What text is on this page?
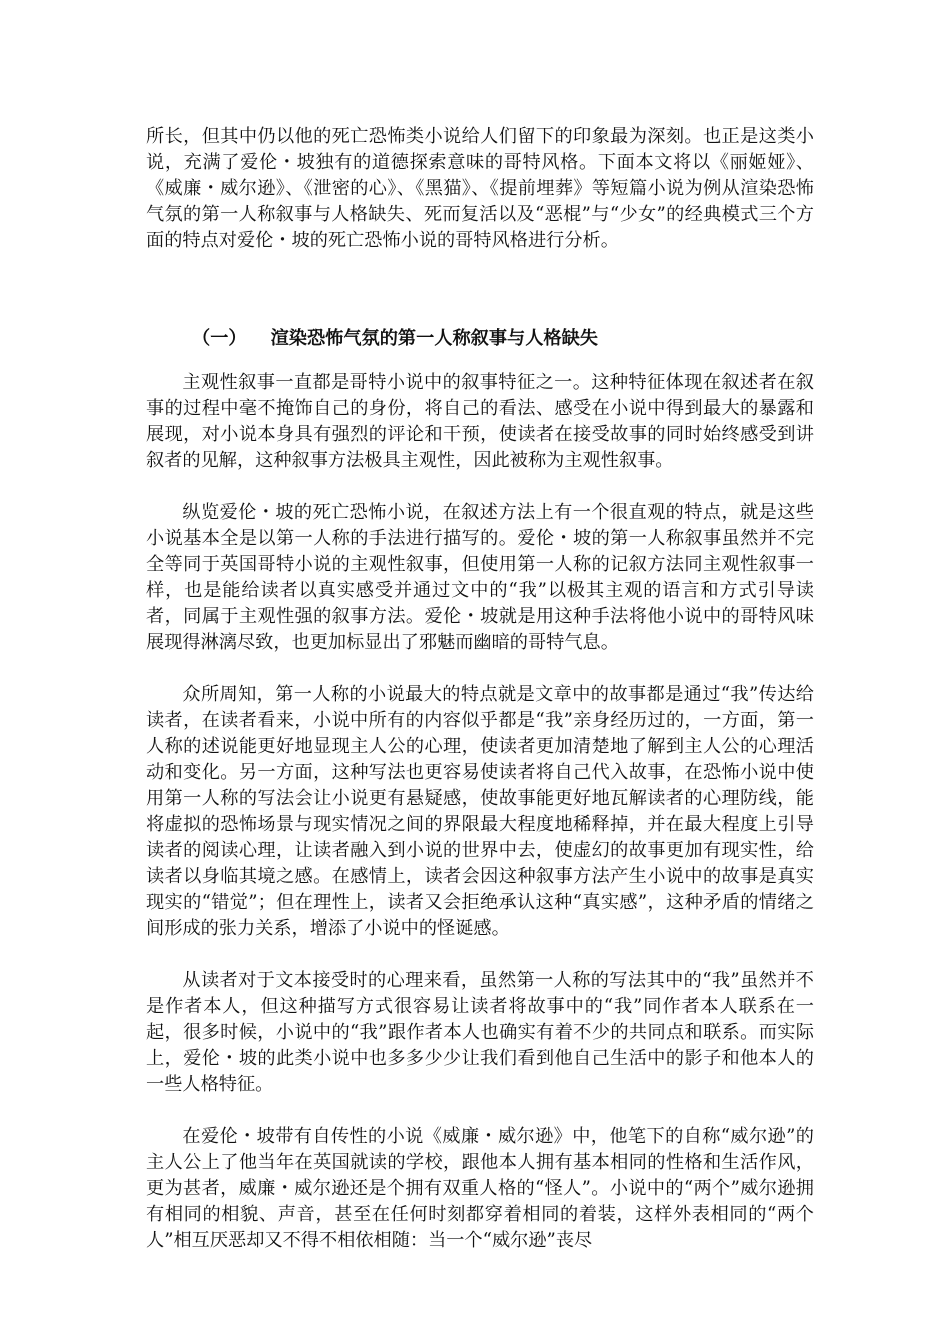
所长，但其中仍以他的死亡恐怖类小说给人们留下的印象最为深刻。也正是这类小说，充满了爱伦・坡独有的道德探索意味的哥特风格。下面本文将以《丽姬娅》、《威廉・威尔逊》、《泄密的心》、《黑猫》、《提前埋葬》等短篇小说为例从渲染恐怖气氛的第一人称叙事与人格缺失、死而复活以及“恶棍”与“少女”的经典模式三个方面的特点对爱伦・坡的死亡恐怖小说的哥特风格进行分析。

（一） 渲染恐怖气氛的第一人称叙事与人格缺失

主观性叙事一直都是哥特小说中的叙事特征之一。这种特征体现在叙述者在叙事的过程中毫不掩饰自己的身份，将自己的看法、感受在小说中得到最大的暴露和展现，对小说本身具有强烈的评论和干预，使读者在接受故事的同时始终感受到讲叙者的见解，这种叙事方法极具主观性，因此被称为主观性叙事。

纵览爱伦・坡的死亡恐怖小说，在叙述方法上有一个很直观的特点，就是这些小说基本全是以第一人称的手法进行描写的。爱伦・坡的第一人称叙事虽然并不完全等同于英国哥特小说的主观性叙事，但使用第一人称的记叙方法同主观性叙事一样，也是能给读者以真实感受并通过文中的“我”以极其主观的语言和方式引导读者，同属于主观性强的叙事方法。爱伦・坡就是用这种手法将他小说中的哥特风味展现得淋漓尽致，也更加标显出了邪魅而幽暗的哥特气息。

众所周知，第一人称的小说最大的特点就是文章中的故事都是通过“我”传达给读者，在读者看来，小说中所有的内容似乎都是“我”亲身经历过的，一方面，第一人称的述说能更好地显现主人公的心理，使读者更加清楚地了解到主人公的心理活动和变化。另一方面，这种写法也更容易使读者将自己代入故事，在恐怖小说中使用第一人称的写法会让小说更有悬疑感，使故事能更好地瓦解读者的心理防线，能将虚拟的恐怖场景与现实情况之间的界限最大程度地稀释掉，并在最大程度上引导读者的阅读心理，让读者融入到小说的世界中去，使虚幻的故事更加有现实性，给读者以身临其境之感。在感情上，读者会因这种叙事方法产生小说中的故事是真实现实的“错觉”；但在理性上，读者又会拒绝承认这种“真实感”，这种矛盾的情绪之间形成的张力关系，增添了小说中的怪诞感。

从读者对于文本接受时的心理来看，虽然第一人称的写法其中的“我”虽然并不是作者本人，但这种描写方式很容易让读者将故事中的“我”同作者本人联系在一起，很多时候，小说中的“我”跟作者本人也确实有着不少的共同点和联系。而实际上，爱伦・坡的此类小说中也多多少少让我们看到他自己生活中的影子和他本人的一些人格特征。

在爱伦・坡带有自传性的小说《威廉・威尔逊》中，他笔下的自称“威尔逊”的主人公上了他当年在英国就读的学校，跟他本人拥有基本相同的性格和生活作风，更为甚者，威廉・威尔逊还是个拥有双重人格的“怪人”。小说中的“两个”威尔逊拥有相同的相貌、声音，甚至在任何时刻都穿着相同的着装，这样外表相同的“两个人”相互厌恶却又不得不相依相随：当一个“威尔逊”丧尽
